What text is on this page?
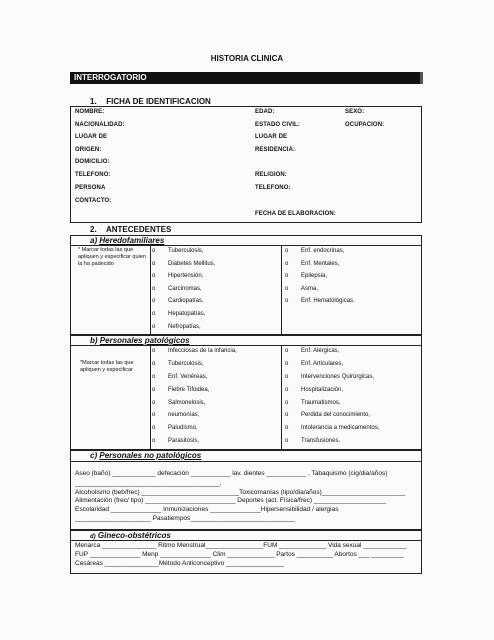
HISTORIA CLINICA
INTERROGATORIO
1. FICHA DE IDENTIFICACION
NOMBRE:
NACIONALIDAD:
LUGAR DE
ORIGEN:
DOMICILIO:
TELEFONO:
PERSONA
CONTACTO:
EDAD:
ESTADO CIVIL:
LUGAR DE
RESIDENCIA:
RELIGION:
TELEFONO:
FECHA DE ELABORACION:
SEXO:
OCUPACION:
2. ANTECEDENTES
a) Heredofamiliares
* Marcar todas las que apliquen y especificar quien la ha padecido
o Tuberculosis,
o Diabetes Mellitus,
o Hipertensión,
o Carcinomas,
o Cardiopatías,
o Hepatopatías,
o Nefropatías,
o Enf. endocrinas,
o Enf. Mentales,
o Epilepsia,
o Asma,
o Enf. Hematológicas.
b) Personales patológicos
*Marcar todas las que apliquen y especificar
o Infecciosas de la infancia,
o Tuberculosis,
o Enf. Venéreas,
o Fiebre Tifoidea,
o Salmonelosis,
o neumonías,
o Paludismo,
o Parasitosis,
o Enf. Alérgicas,
o Enf. Articulares,
o Intervenciones Quirúrgicas,
o Hospitalización,
o Traumatismos,
o Perdida del conocimiento,
o Intolerancia a medicamentos,
o Transfusiones.
c) Personales no patológicos
Aseo (baño) ____________ defecación ___________ lav. dientes ___________ , Tabaquismo (cig/dia/años)
________________________________________,
Alcoholismo (beb/frec) ___________________________Toxicomanías (tipo/dia/años)_______________________
Alimentación (frec/ tipo) _________________________ Deportes (act. Física/frec) ____________________
Escolaridad ______________ Inmunizaciones ______________Hipersensibilidad / alergias
_____________________ Pasatiempos_____________________________
d) Gineco-obstétricos
Menarca _______________ Ritmo Menstrual________________FUM _____________ Vida sexual ____________
FUP ______________ Menp ______________ Clim _____________ Partos __________ Abortos ___ _________
Cesáreas _______________Método Anticonceptivo ________________
